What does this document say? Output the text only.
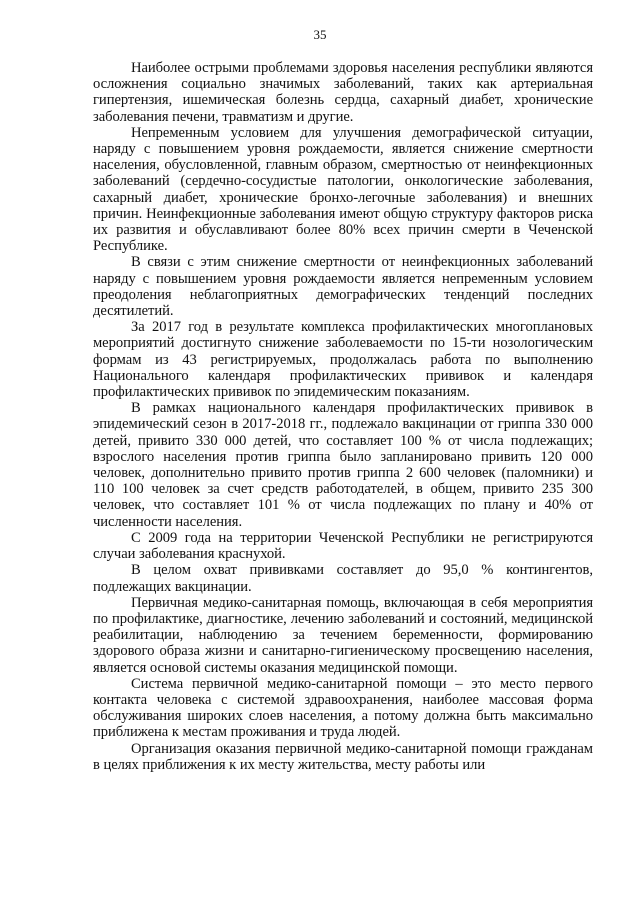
35

Наиболее острыми проблемами здоровья населения республики являются осложнения социально значимых заболеваний, таких как артериальная гипертензия, ишемическая болезнь сердца, сахарный диабет, хронические заболевания печени, травматизм и другие.

Непременным условием для улучшения демографической ситуации, наряду с повышением уровня рождаемости, является снижение смертности населения, обусловленной, главным образом, смертностью от неинфекционных заболеваний (сердечно-сосудистые патологии, онкологические заболевания, сахарный диабет, хронические бронхо-легочные заболевания) и внешних причин. Неинфекционные заболевания имеют общую структуру факторов риска их развития и обуславливают более 80% всех причин смерти в Чеченской Республике.

В связи с этим снижение смертности от неинфекционных заболеваний наряду с повышением уровня рождаемости является непременным условием преодоления неблагоприятных демографических тенденций последних десятилетий.

За 2017 год в результате комплекса профилактических многоплановых мероприятий достигнуто снижение заболеваемости по 15-ти нозологическим формам из 43 регистрируемых, продолжалась работа по выполнению Национального календаря профилактических прививок и календаря профилактических прививок по эпидемическим показаниям.

В рамках национального календаря профилактических прививок в эпидемический сезон в 2017-2018 гг., подлежало вакцинации от гриппа 330 000 детей, привито 330 000 детей, что составляет 100 % от числа подлежащих; взрослого населения против гриппа было запланировано привить 120 000 человек, дополнительно привито против гриппа 2 600 человек (паломники) и 110 100 человек за счет средств работодателей, в общем, привито 235 300 человек, что составляет 101 % от числа подлежащих по плану и 40% от численности населения.

С 2009 года на территории Чеченской Республики не регистрируются случаи заболевания краснухой.

В целом охват прививками составляет до 95,0 % контингентов, подлежащих вакцинации.

Первичная медико-санитарная помощь, включающая в себя мероприятия по профилактике, диагностике, лечению заболеваний и состояний, медицинской реабилитации, наблюдению за течением беременности, формированию здорового образа жизни и санитарно-гигиеническому просвещению населения, является основой системы оказания медицинской помощи.

Система первичной медико-санитарной помощи – это место первого контакта человека с системой здравоохранения, наиболее массовая форма обслуживания широких слоев населения, а потому должна быть максимально приближена к местам проживания и труда людей.

Организация оказания первичной медико-санитарной помощи гражданам в целях приближения к их месту жительства, месту работы или
